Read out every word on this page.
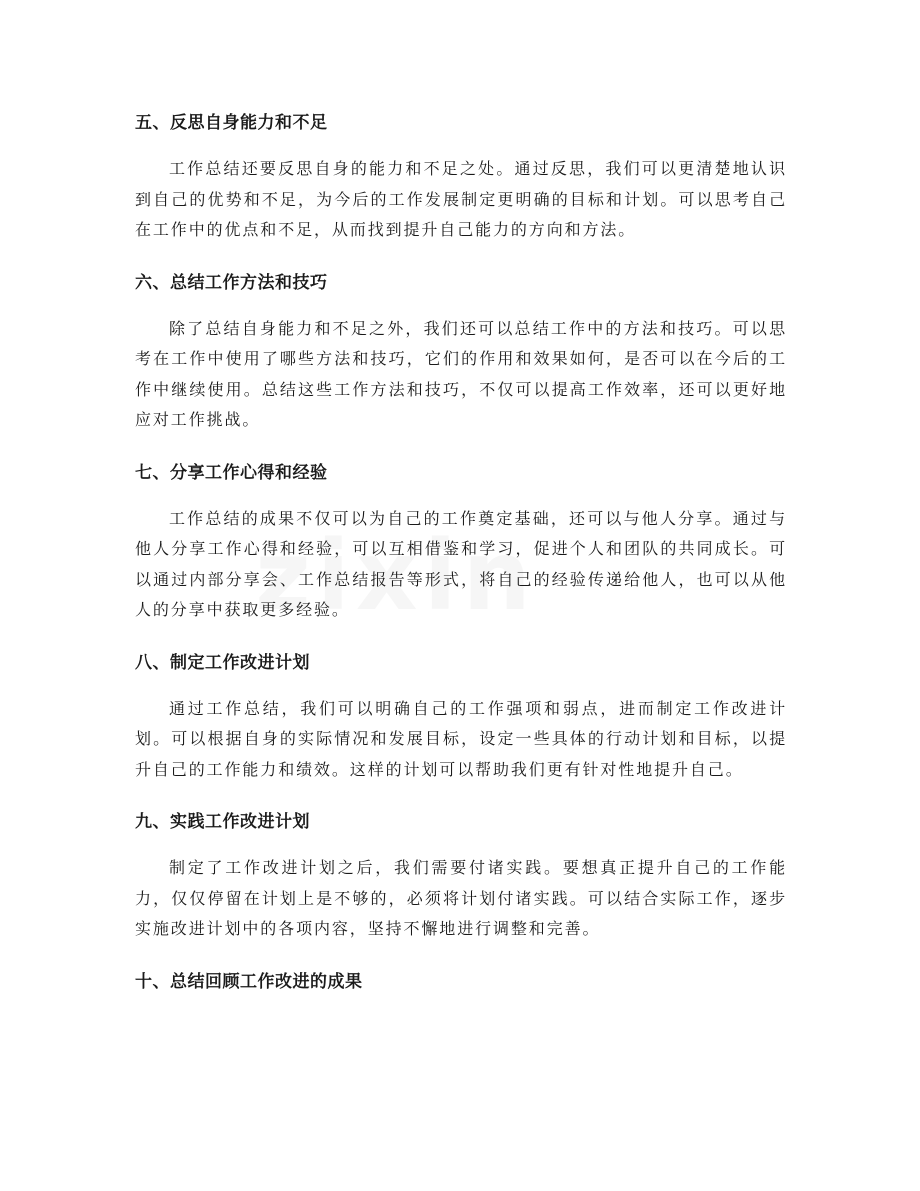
五、反思自身能力和不足

工作总结还要反思自身的能力和不足之处。通过反思，我们可以更清楚地认识到自己的优势和不足，为今后的工作发展制定更明确的目标和计划。可以思考自己在工作中的优点和不足，从而找到提升自己能力的方向和方法。

六、总结工作方法和技巧

除了总结自身能力和不足之外，我们还可以总结工作中的方法和技巧。可以思考在工作中使用了哪些方法和技巧，它们的作用和效果如何，是否可以在今后的工作中继续使用。总结这些工作方法和技巧，不仅可以提高工作效率，还可以更好地应对工作挑战。

七、分享工作心得和经验

工作总结的成果不仅可以为自己的工作奠定基础，还可以与他人分享。通过与他人分享工作心得和经验，可以互相借鉴和学习，促进个人和团队的共同成长。可以通过内部分享会、工作总结报告等形式，将自己的经验传递给他人，也可以从他人的分享中获取更多经验。

八、制定工作改进计划

通过工作总结，我们可以明确自己的工作强项和弱点，进而制定工作改进计划。可以根据自身的实际情况和发展目标，设定一些具体的行动计划和目标，以提升自己的工作能力和绩效。这样的计划可以帮助我们更有针对性地提升自己。

九、实践工作改进计划

制定了工作改进计划之后，我们需要付诸实践。要想真正提升自己的工作能力，仅仅停留在计划上是不够的，必须将计划付诸实践。可以结合实际工作，逐步实施改进计划中的各项内容，坚持不懈地进行调整和完善。

十、总结回顾工作改进的成果
